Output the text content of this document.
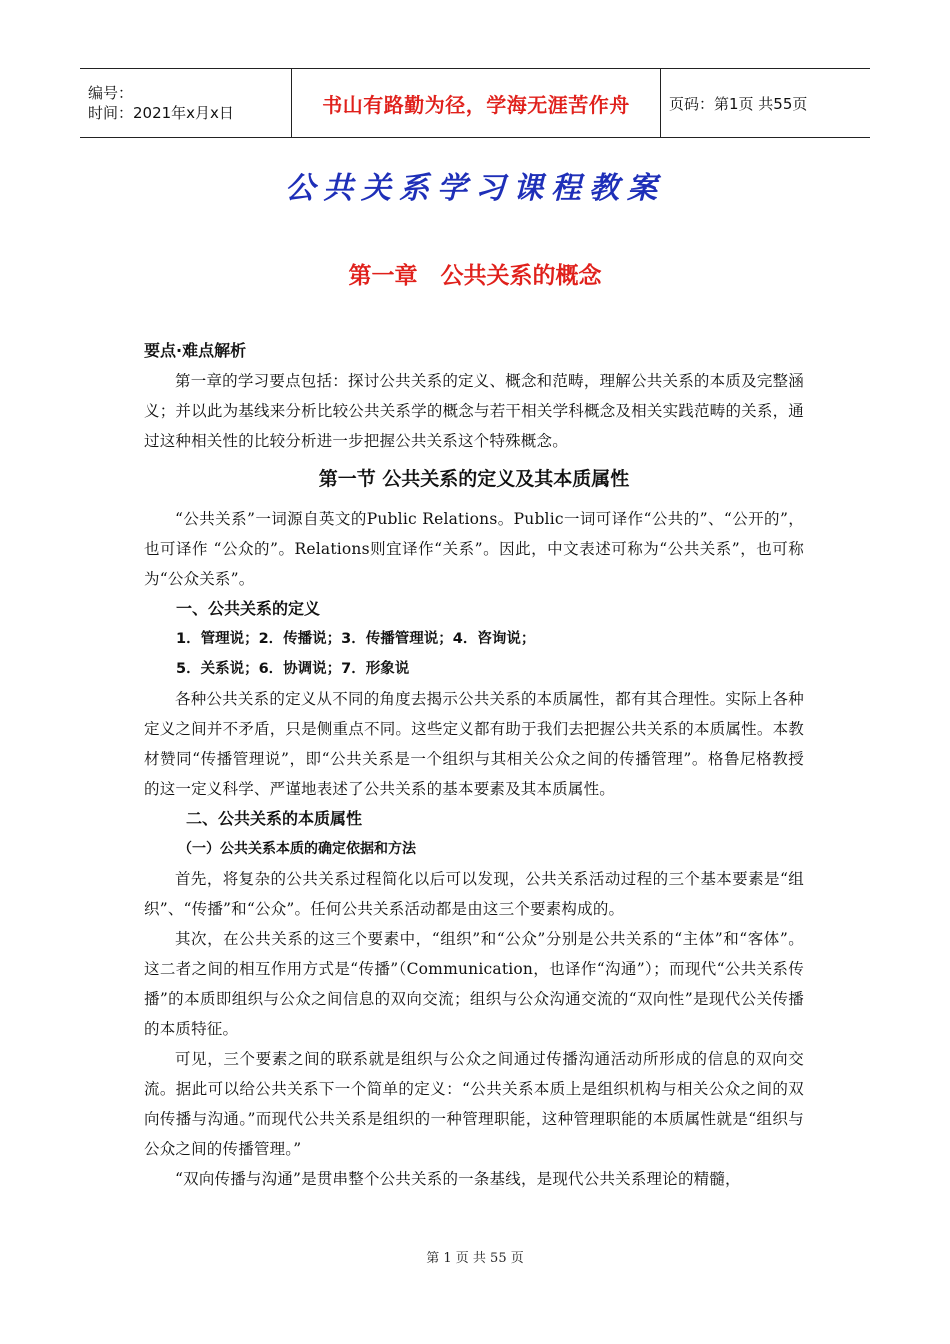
编号：
时间：2021年x月x日	书山有路勤为径，学海无涯苦作舟	页码：第1页 共55页
公共关系学习课程教案
第一章　公共关系的概念
要点·难点解析

第一章的学习要点包括：探讨公共关系的定义、概念和范畴，理解公共关系的本质及完整涵义；并以此为基线来分析比较公共关系学的概念与若干相关学科概念及相关实践范畴的关系，通过这种相关性的比较分析进一步把握公共关系这个特殊概念。

第一节 公共关系的定义及其本质属性

“公共关系”一词源自英文的Public Relations。Public一词可译作“公共的”、“公开的”，也可译作 “公众的”。Relations则宜译作“关系”。因此，中文表述可称为“公共关系”，也可称为“公众关系”。

一、公共关系的定义
1．管理说；2．传播说；3．传播管理说；4．咨询说；
5．关系说；6．协调说；7．形象说

各种公共关系的定义从不同的角度去揭示公共关系的本质属性，都有其合理性。实际上各种定义之间并不矛盾，只是侧重点不同。这些定义都有助于我们去把握公共关系的本质属性。本教材赞同“传播管理说”，即“公共关系是一个组织与其相关公众之间的传播管理”。格鲁尼格教授的这一定义科学、严谨地表述了公共关系的基本要素及其本质属性。

二、公共关系的本质属性
（一）公共关系本质的确定依据和方法

首先，将复杂的公共关系过程简化以后可以发现，公共关系活动过程的三个基本要素是“组织”、“传播”和“公众”。任何公共关系活动都是由这三个要素构成的。

其次，在公共关系的这三个要素中，“组织”和“公众”分别是公共关系的“主体”和“客体”。这二者之间的相互作用方式是“传播”（Communication，也译作“沟通”）；而现代“公共关系传播”的本质即组织与公众之间信息的双向交流；组织与公众沟通交流的“双向性”是现代公关传播的本质特征。

可见，三个要素之间的联系就是组织与公众之间通过传播沟通活动所形成的信息的双向交流。据此可以给公共关系下一个简单的定义：“公共关系本质上是组织机构与相关公众之间的双向传播与沟通。”而现代公共关系是组织的一种管理职能，这种管理职能的本质属性就是“组织与公众之间的传播管理。”

“双向传播与沟通”是贯串整个公共关系的一条基线，是现代公共关系理论的精髓，

第 1 页 共 55 页
